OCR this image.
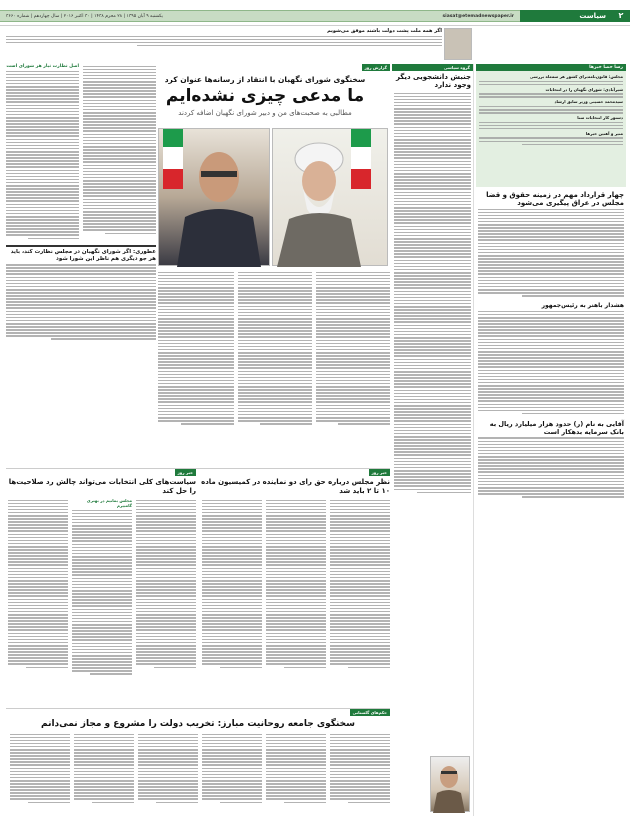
۲
سیاست
siasat@etemadnewspaper.ir
یکشنبه ۹ آبان ۱۳۹۵ | ۲۸ محرم ۱۴۳۸ | ۳۰ اکتبر ۲۰۱۶ | سال چهاردهم | شماره ۳۶۶۰
اگر همه ملت پشت دولت باشند موفق می‌شویم
رسا حصا خبرها
مجلس: قانون‌نامه‌برای کشور هر سه‌ماه بررسی
شیرآبادی: شورای نگهبان را در انتخابات
سیدمحمد حسینی وزیر سابق ارشاد
دستور کار انتخابات سنا
منیر و آهنین خبرها
چهار قرارداد مهم در زمینه حقوق و قضا مجلس در عراق پیگیری می‌شود
هشدار باهنر به رئیس‌جمهور
آقایی به نام (ر) حدود هزار میلیارد ریال به بانک سرمایه بدهکار است
گروه سیاسی
جنبش دانشجویی دیگر وجود ندارد
گزارش روز
سخنگوی شورای نگهبان با انتقاد از رسانه‌ها عنوان کرد
ما مدعی چیزی نشده‌ایم
مطالبی به صحبت‌های من و دبیر شورای نگهبان اضافه کردند
اصل نظارت نیاز هر شورای است
عطوری: اگر شورای نگهبان در مجلس نظارت کند، بايد هر جو دیگری هم ناظر این شورا شود
خبر روز
نظر مجلس درباره حق رای دو نماینده در کمیسیون ماده ۱۰ تا ۲ باید شد
خبر روز
سیاست‌های کلی انتخابات می‌تواند چالش رد صلاحیت‌ها را حل کند
مجلس بمانیم در بهتری گامبیرم
حکم‌های گلستانی
سخنگوی جامعه روحانیت مبارز: تخریب دولت را مشروع و مجاز نمی‌دانم
